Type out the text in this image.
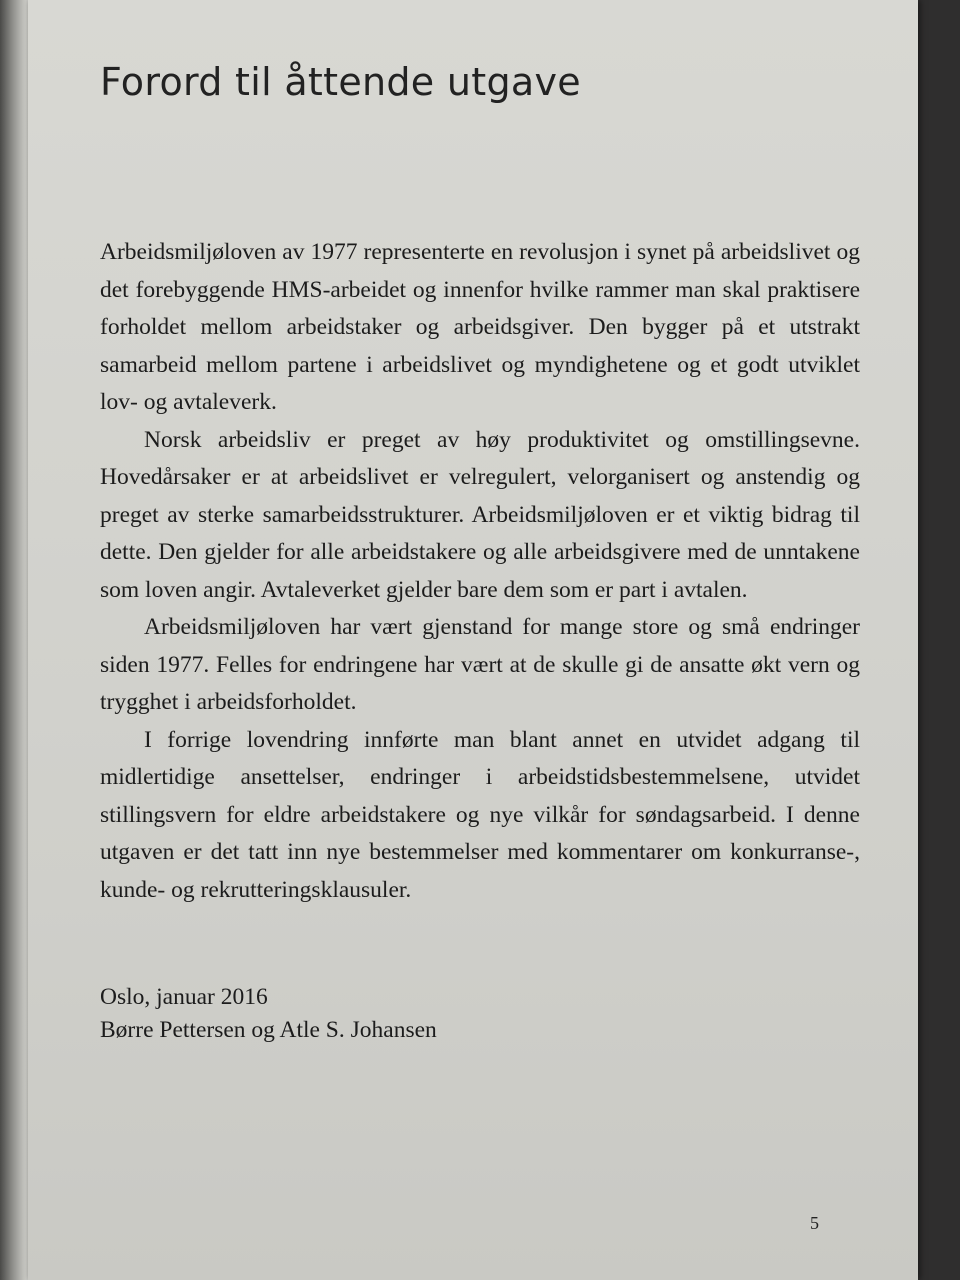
Forord til åttende utgave

Arbeidsmiljøloven av 1977 representerte en revolusjon i synet på arbeidslivet og det forebyggende HMS-arbeidet og innenfor hvilke rammer man skal praktisere forholdet mellom arbeidstaker og arbeidsgiver. Den bygger på et utstrakt samarbeid mellom partene i arbeidslivet og myndighetene og et godt utviklet lov- og avtaleverk.

Norsk arbeidsliv er preget av høy produktivitet og omstillingsevne. Hovedårsaker er at arbeidslivet er velregulert, velorganisert og anstendig og preget av sterke samarbeidsstrukturer. Arbeidsmiljøloven er et viktig bidrag til dette. Den gjelder for alle arbeidstakere og alle arbeidsgivere med de unntakene som loven angir. Avtaleverket gjelder bare dem som er part i avtalen.

Arbeidsmiljøloven har vært gjenstand for mange store og små endringer siden 1977. Felles for endringene har vært at de skulle gi de ansatte økt vern og trygghet i arbeidsforholdet.

I forrige lovendring innførte man blant annet en utvidet adgang til midlertidige ansettelser, endringer i arbeidstidsbestemmelsene, utvidet stillingsvern for eldre arbeidstakere og nye vilkår for søndagsarbeid. I denne utgaven er det tatt inn nye bestemmelser med kommentarer om konkurranse-, kunde- og rekrutteringsklausuler.

Oslo, januar 2016
Børre Pettersen og Atle S. Johansen
5
